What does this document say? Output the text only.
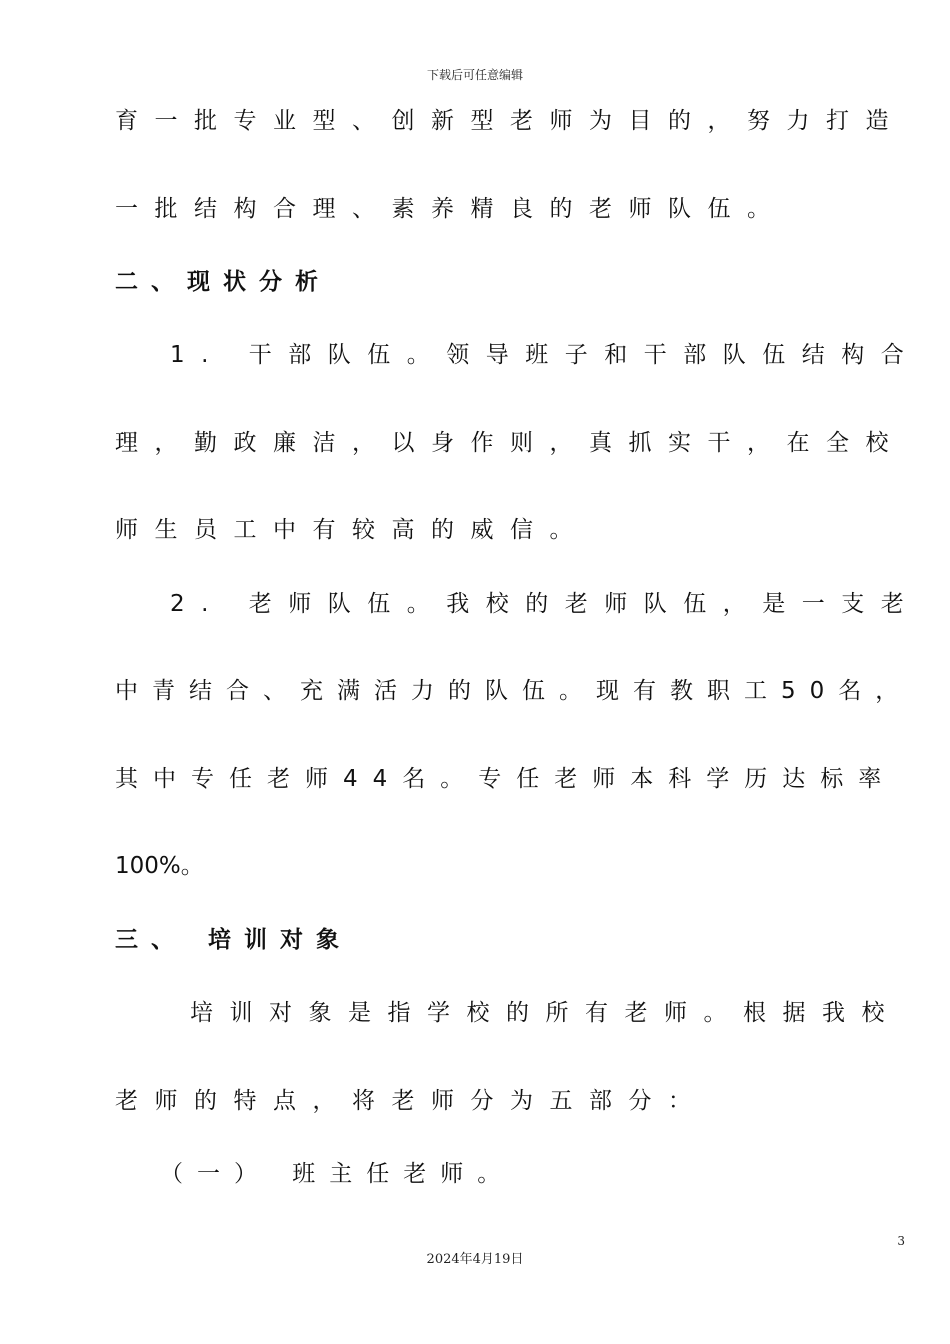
下载后可任意编辑
育一批专业型、创新型老师为目的，努力打造
一批结构合理、素养精良的老师队伍。
二、现状分析
1. 干部队伍。领导班子和干部队伍结构合
理，勤政廉洁，以身作则，真抓实干，在全校
师生员工中有较高的威信。
2. 老师队伍。我校的老师队伍，是一支老
中青结合、充满活力的队伍。现有教职工50名，
其中专任老师44名。专任老师本科学历达标率
100%。
三、 培训对象
培训对象是指学校的所有老师。根据我校
老师的特点，将老师分为五部分：
（一） 班主任老师。
3
2024年4月19日
